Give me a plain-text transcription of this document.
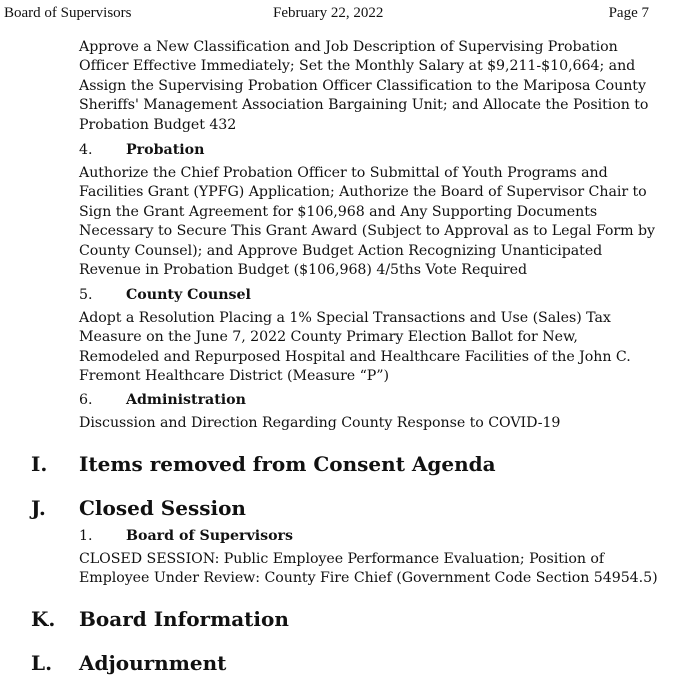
Board of Supervisors	February 22, 2022	Page 7
Approve a New Classification and Job Description of Supervising Probation
Officer Effective Immediately; Set the Monthly Salary at $9,211-$10,664; and
Assign the Supervising Probation Officer Classification to the Mariposa County
Sheriffs' Management Association Bargaining Unit; and Allocate the Position to
Probation Budget 432
4. Probation
Authorize the Chief Probation Officer to Submittal of Youth Programs and
Facilities Grant (YPFG) Application; Authorize the Board of Supervisor Chair to
Sign the Grant Agreement for $106,968 and Any Supporting Documents
Necessary to Secure This Grant Award (Subject to Approval as to Legal Form by
County Counsel); and Approve Budget Action Recognizing Unanticipated
Revenue in Probation Budget ($106,968) 4/5ths Vote Required
5. County Counsel
Adopt a Resolution Placing a 1% Special Transactions and Use (Sales) Tax
Measure on the June 7, 2022 County Primary Election Ballot for New,
Remodeled and Repurposed Hospital and Healthcare Facilities of the John C.
Fremont Healthcare District (Measure “P”)
6. Administration
Discussion and Direction Regarding County Response to COVID-19
I. Items removed from Consent Agenda
J. Closed Session
1. Board of Supervisors
CLOSED SESSION: Public Employee Performance Evaluation; Position of
Employee Under Review: County Fire Chief (Government Code Section 54954.5)
K. Board Information
L. Adjournment
